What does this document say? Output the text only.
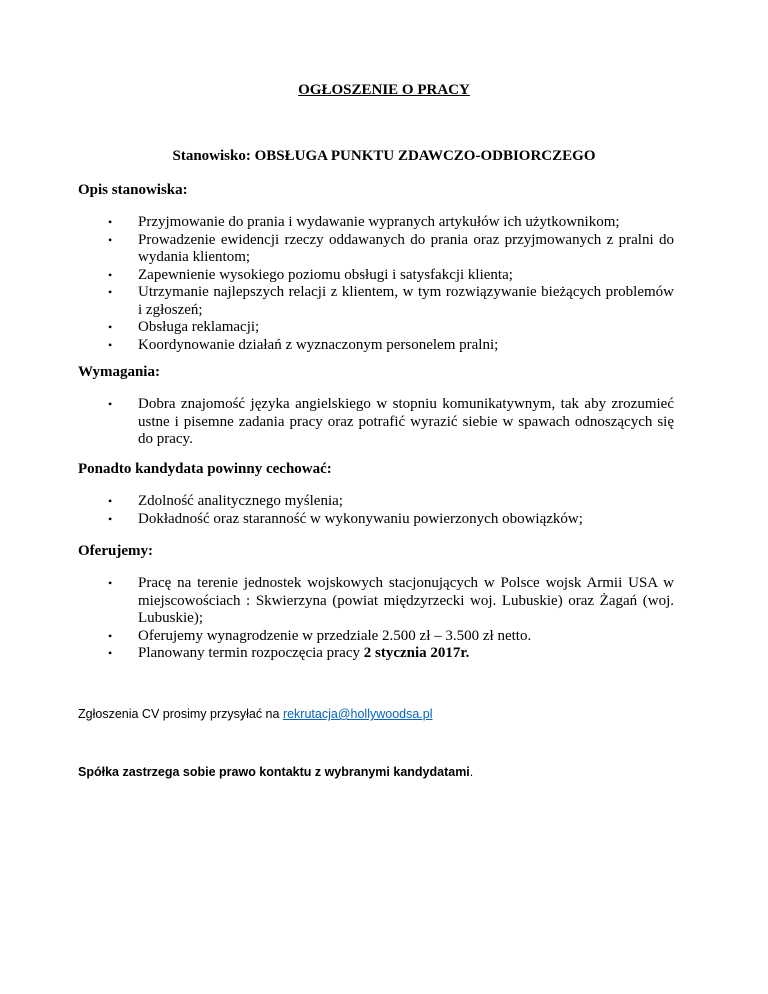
OGŁOSZENIE O PRACY
Stanowisko: OBSŁUGA PUNKTU ZDAWCZO-ODBIORCZEGO
Opis stanowiska:
• Przyjmowanie do prania i wydawanie wypranych artykułów ich użytkownikom;
• Prowadzenie ewidencji rzeczy oddawanych do prania oraz przyjmowanych z pralni do wydania klientom;
• Zapewnienie wysokiego poziomu obsługi i satysfakcji klienta;
• Utrzymanie najlepszych relacji z klientem, w tym rozwiązywanie bieżących problemów i zgłoszeń;
• Obsługa reklamacji;
• Koordynowanie działań z wyznaczonym personelem pralni;
Wymagania:
• Dobra znajomość języka angielskiego w stopniu komunikatywnym, tak aby zrozumieć ustne i pisemne zadania pracy oraz potrafić wyrazić siebie w spawach odnoszących się do pracy.
Ponadto kandydata powinny cechować:
• Zdolność analitycznego myślenia;
• Dokładność oraz staranność w wykonywaniu powierzonych obowiązków;
Oferujemy:
• Pracę na terenie jednostek wojskowych stacjonujących w Polsce wojsk Armii USA w miejscowościach : Skwierzyna (powiat międzyrzecki woj. Lubuskie) oraz Żagań (woj. Lubuskie);
• Oferujemy wynagrodzenie w przedziale 2.500 zł – 3.500 zł netto.
• Planowany termin rozpoczęcia pracy 2 stycznia 2017r.
Zgłoszenia CV prosimy przysyłać na rekrutacja@hollywoodsa.pl
Spółka zastrzega sobie prawo kontaktu z wybranymi kandydatami.
